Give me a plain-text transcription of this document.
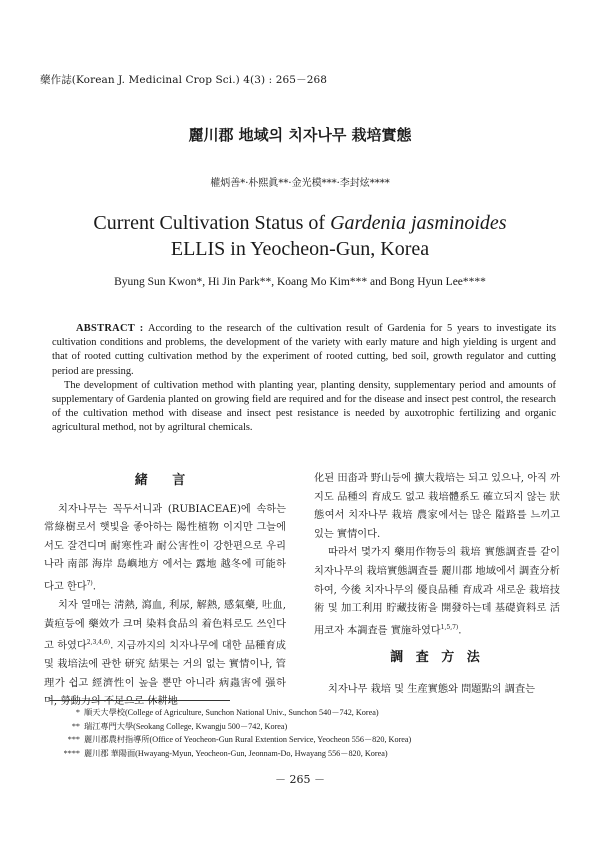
藥作誌(Korean J. Medicinal Crop Sci.) 4(3) : 265－268
麗川郡 地域의 치자나무 栽培實態
權炳善*·朴熙眞**·金光模***·李封炫****
Current Cultivation Status of Gardenia jasminoides
ELLIS in Yeocheon-Gun, Korea
Byung Sun Kwon*, Hi Jin Park**, Koang Mo Kim*** and Bong Hyun Lee****

ABSTRACT : According to the research of the cultivation result of Gardenia for 5 years to investigate its cultivation conditions and problems, the development of the variety with early mature and high yielding is urgent and that of rooted cutting cultivation method by the experiment of rooted cutting, bed soil, growth regulator and cutting period are pressing.

The development of cultivation method with planting year, planting density, supplementary period and amounts of supplementary of Gardenia planted on growing field are required and for the disease and insect pest control, the research of the cultivation method with disease and insect pest resistance is needed by auxotrophic fertilizing and organic agricultural method, not by agriltural chemicals.

緒 言

치자나무는 꼭두서니과 (RUBIACEAE)에 속하는 常綠樹로서 햇빛을 좋아하는 陽性植物 이지만 그늘에서도 잘견디며 耐寒性과 耐公害性이 강한편으로 우리나라 南部 海岸 島嶼地方 에서는 露地 越冬에 可能하다고 한다$^{7)}$.

치자 열매는 淸熱, 瀉血, 利尿, 解熱, 感氣藥, 吐血, 黃疸등에 藥效가 크며 染料食品의 着色料로도 쓰인다고 하였다$^{2,3,4,6)}$. 지금까지의 치자나무에 대한 品種育成 및 栽培法에 관한 研究 結果는 거의 없는 實情이나, 管理가 쉽고 經濟性이 높을 뿐만 아니라 病蟲害에 强하며, 勞動力의 不足으로 休耕地

化된 田畓과 野山등에 擴大栽培는 되고 있으나, 아직 까지도 品種의 育成도 없고 栽培體系도 確立되지 않는 狀態여서 치자나무 栽培 農家에서는 많은 隘路를 느끼고 있는 實情이다.

따라서 몇가지 藥用作物등의 栽培 實態調査를 같이 치자나무의 栽培實態調査를 麗川郡 地域에서 調査分析하여, 今後 치자나무의 優良品種 育成과 새로운 栽培技術 및 加工利用 貯藏技術을 開發하는데 基礎資料로 活用코자 本調査를 實施하였다$^{1,5,7)}$.

調 査 方 法

치자나무 栽培 및 生産實態와 問題點의 調査는

* 順天大學校(College of Agriculture, Sunchon National Univ., Sunchon 540－742, Korea)
** 瑞江專門大學(Seokang College, Kwangju 500－742, Korea)
*** 麗川郡農村指導所(Office of Yeocheon-Gun Rural Extention Service, Yeocheon 556－820, Korea)
**** 麗川郡 華陽面(Hwayang-Myun, Yeocheon-Gun, Jeonnam-Do, Hwayang 556－820, Korea)
－ 265 －
